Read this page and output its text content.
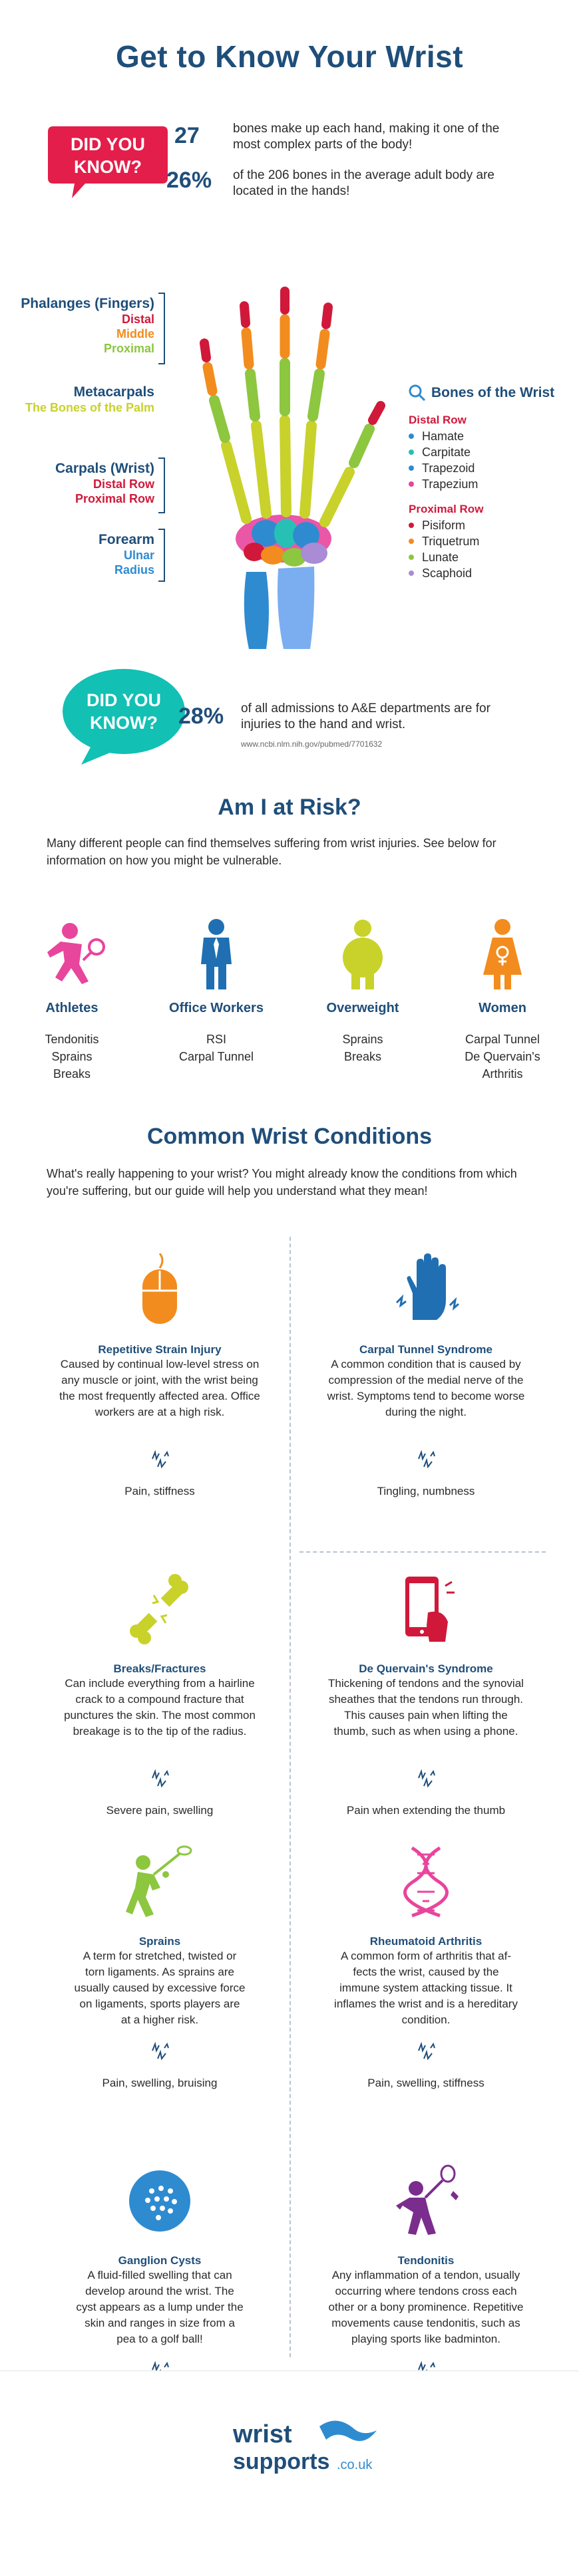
Get to Know Your Wrist
DID YOU
KNOW?
27	bones make up each hand, making it one of the
most complex parts of the body!
26% of the 206 bones in the average adult body are
located in the hands!
Phalanges (Fingers)
Distal
Middle
Proximal
Metacarpals
The Bones of the Palm
Carpals (Wrist)
Distal Row
Proximal Row
Forearm
Ulnar
Radius
Bones of the Wrist
Distal Row
Hamate
Carpitate
Trapezoid
Trapezium
Proximal Row
Pisiform
Triquetrum
Lunate
Scaphoid
DID YOU
KNOW? 28% of all admissions to A&E departments are for
injuries to the hand and wrist.
www.ncbi.nlm.nih.gov/pubmed/7701632
Am I at Risk?
Many different people can find themselves suffering from wrist injuries. See below for information on how you might be vulnerable.
Athletes
Tendonitis
Sprains
Breaks
Office Workers
RSI
Carpal Tunnel
Overweight
Sprains
Breaks
Women
Carpal Tunnel
De Quervain's
Arthritis
Common Wrist Conditions
What's really happening to your wrist? You might already know the conditions from which you're suffering, but our guide will help you understand what they mean!
Repetitive Strain Injury
Caused by continual low-level stress on
any muscle or joint, with the wrist being
the most frequently affected area. Office
workers are at a high risk.
Pain, stiffness
Carpal Tunnel Syndrome
A common condition that is caused by
compression of the medial nerve of the
wrist. Symptoms tend to become worse
during the night.
Tingling, numbness
Breaks/Fractures
Can include everything from a hairline
crack to a compound fracture that
punctures the skin. The most common
breakage is to the tip of the radius.
Severe pain, swelling
De Quervain's Syndrome
Thickening of tendons and the synovial
sheathes that the tendons run through.
This causes pain when lifting the
thumb, such as when using a phone.
Pain when extending the thumb
Sprains
A term for stretched, twisted or
torn ligaments. As sprains are
usually caused by excessive force
on ligaments, sports players are
at a higher risk.
Pain, swelling, bruising
Rheumatoid Arthritis
A common form of arthritis that af-
fects the wrist, caused by the
immune system attacking tissue. It
inflames the wrist and is a hereditary
condition.
Pain, swelling, stiffness
Ganglion Cysts
A fluid-filled swelling that can
develop around the wrist. The
cyst appears as a lump under the
skin and ranges in size from a
pea to a golf ball!
Tendonitis
Any inflammation of a tendon, usually
occurring where tendons cross each
other or a bony prominence. Repetitive
movements cause tendonitis, such as
playing sports like badminton.
wrist
supports .co.uk
